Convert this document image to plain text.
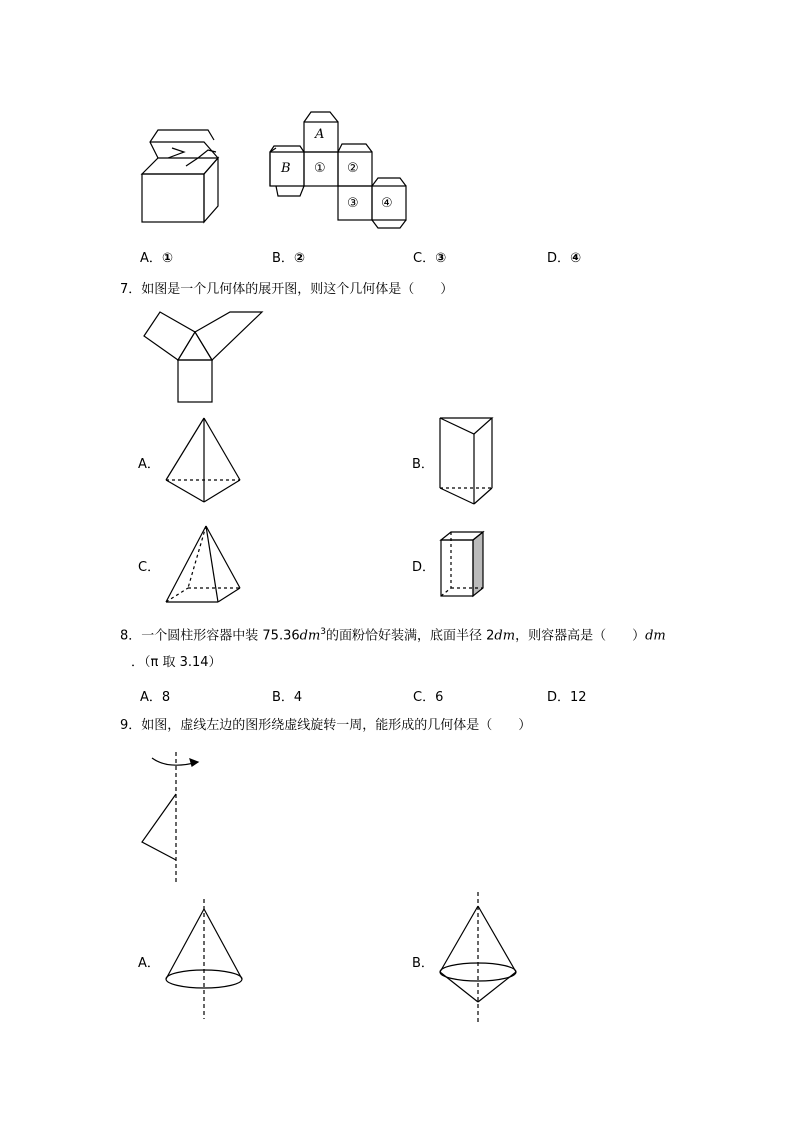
A
B ① ②
③ ④
A．①	B．②	C．③	D．④
7．如图是一个几何体的展开图，则这个几何体是（　　）
A．	B．
C．	D．
8．一个圆柱形容器中装 $75.36dm^3$的面粉恰好装满，底面半径 2dm，则容器高是（　　）dm
．（π 取 3.14）
A．8	B．4	C．6	D．12
9．如图，虚线左边的图形绕虚线旋转一周，能形成的几何体是（　　）
A．	B．
